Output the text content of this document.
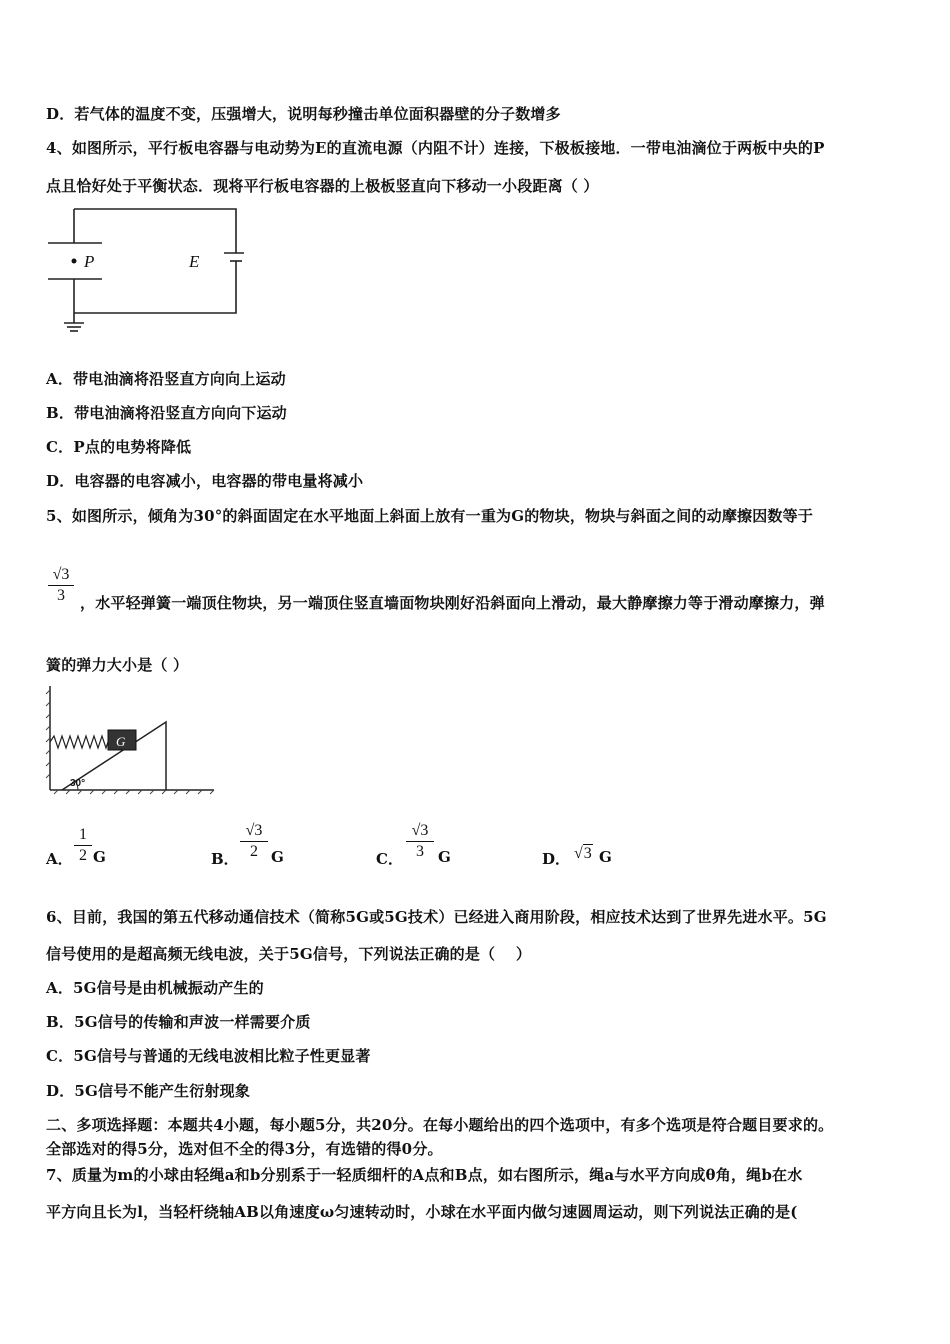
D．若气体的温度不变，压强增大，说明每秒撞击单位面积器壁的分子数增多
4、如图所示，平行板电容器与电动势为E的直流电源（内阻不计）连接，下极板接地．一带电油滴位于两板中央的P
点且恰好处于平衡状态．现将平行板电容器的上极板竖直向下移动一小段距离（ ）
P	E
A．带电油滴将沿竖直方向向上运动
B．带电油滴将沿竖直方向向下运动
C．P点的电势将降低
D．电容器的电容减小，电容器的带电量将减小
5、如图所示，倾角为30°的斜面固定在水平地面上斜面上放有一重为G的物块，物块与斜面之间的动摩擦因数等于
√3
3	，水平轻弹簧一端顶住物块，另一端顶住竖直墙面物块刚好沿斜面向上滑动，最大静摩擦力等于滑动摩擦力，弹
簧的弹力大小是（ ）
G
30°
A．
1
2 G	B．
√3
2 G	C．
√3
3 G	D． √3 G
6、目前，我国的第五代移动通信技术（简称5G或5G技术）已经进入商用阶段，相应技术达到了世界先进水平。5G
信号使用的是超高频无线电波，关于5G信号，下列说法正确的是（　 ）
A．5G信号是由机械振动产生的
B．5G信号的传输和声波一样需要介质
C．5G信号与普通的无线电波相比粒子性更显著
D．5G信号不能产生衍射现象
二、多项选择题：本题共4小题，每小题5分，共20分。在每小题给出的四个选项中，有多个选项是符合题目要求的。
全部选对的得5分，选对但不全的得3分，有选错的得0分。
7、质量为m的小球由轻绳a和b分别系于一轻质细杆的A点和B点，如右图所示，绳a与水平方向成θ角，绳b在水
平方向且长为l，当轻杆绕轴AB以角速度ω匀速转动时，小球在水平面内做匀速圆周运动，则下列说法正确的是(
